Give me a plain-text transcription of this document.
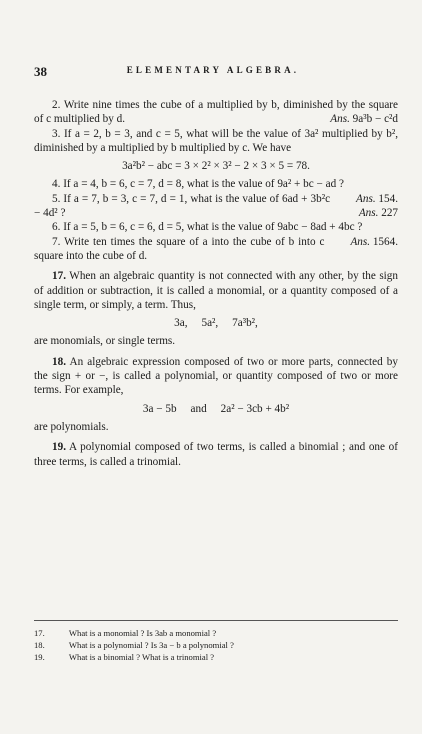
38	ELEMENTARY ALGEBRA.

2. Write nine times the cube of a multiplied by b, diminished by the square of c multiplied by d.	Ans. 9a³b − c²d

3. If a = 2, b = 3, and c = 5, what will be the value of 3a² multiplied by b², diminished by a multiplied by b multiplied by c. We have

3a²b² − abc = 3 × 2² × 3² − 2 × 3 × 5 = 78.

4. If a = 4, b = 6, c = 7, d = 8, what is the value of 9a² + bc − ad ?
Ans. 154.

5. If a = 7, b = 3, c = 7, d = 1, what is the value of 6ad + 3b²c − 4d² ?	Ans. 227

6. If a = 5, b = 6, c = 6, d = 5, what is the value of 9abc − 8ad + 4bc ?
Ans. 1564.

7. Write ten times the square of a into the cube of b into c square into the cube of d.

17. When an algebraic quantity is not connected with any other, by the sign of addition or subtraction, it is called a monomial, or a quantity composed of a single term, or simply, a term. Thus,

3a,     5a²,     7a³b²,

are monomials, or single terms.

18. An algebraic expression composed of two or more parts, connected by the sign + or −, is called a polynomial, or quantity composed of two or more terms. For example,

3a − 5b     and     2a² − 3cb + 4b²

are polynomials.

19. A polynomial composed of two terms, is called a binomial ; and one of three terms, is called a trinomial.

17.	What is a monomial ? Is 3ab a monomial ?
18.	What is a polynomial ? Is 3a − b a polynomial ?
19.	What is a binomial ? What is a trinomial ?
